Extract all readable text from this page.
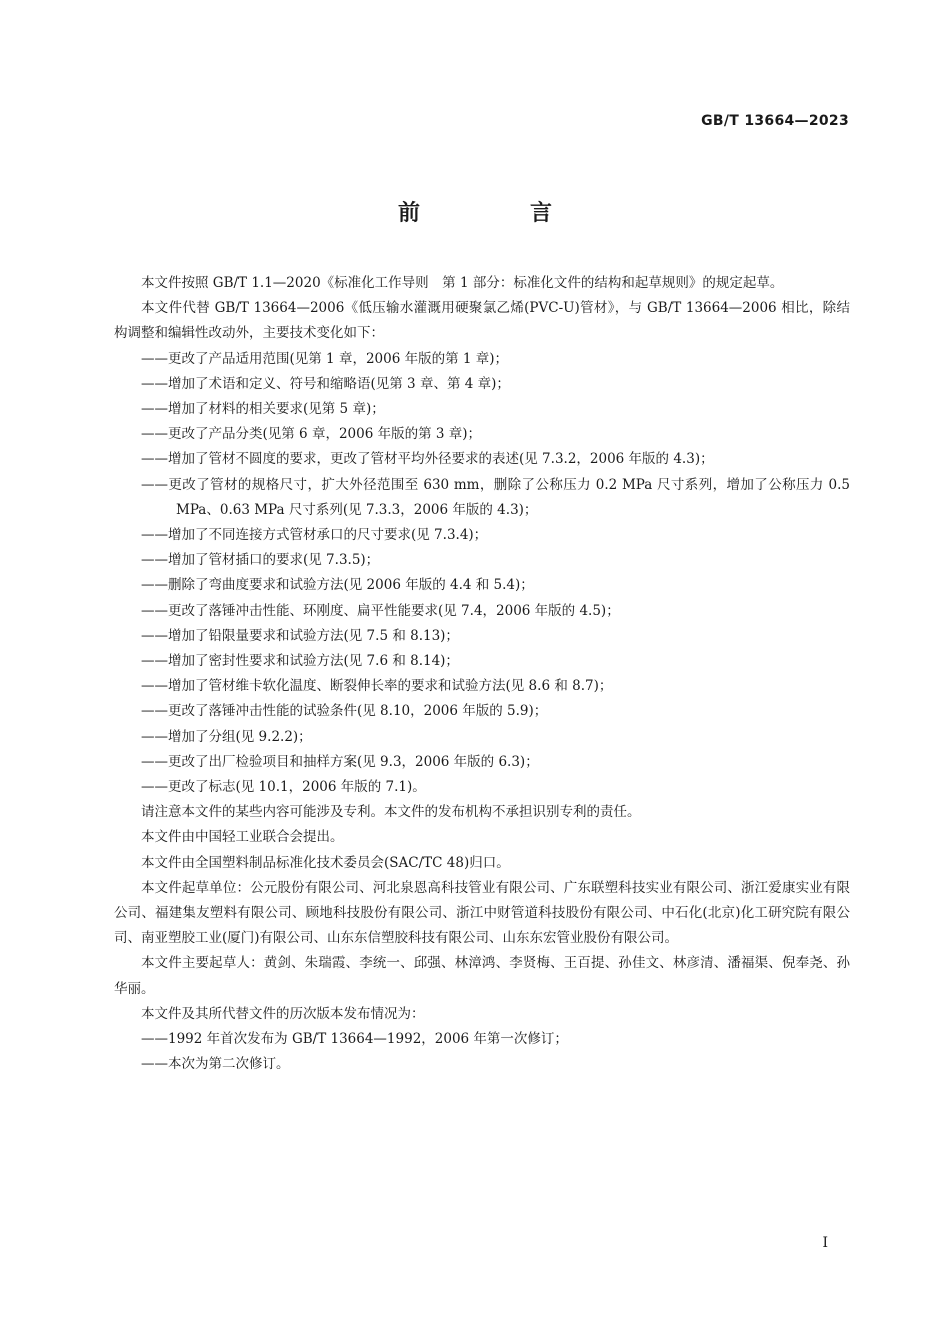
GB/T 13664—2023
前　言

本文件按照 GB/T 1.1—2020《标准化工作导则　第 1 部分：标准化文件的结构和起草规则》的规定起草。

本文件代替 GB/T 13664—2006《低压输水灌溉用硬聚氯乙烯(PVC-U)管材》，与 GB/T 13664—2006 相比，除结构调整和编辑性改动外，主要技术变化如下：

——更改了产品适用范围(见第 1 章，2006 年版的第 1 章)；

——增加了术语和定义、符号和缩略语(见第 3 章、第 4 章)；

——增加了材料的相关要求(见第 5 章)；

——更改了产品分类(见第 6 章，2006 年版的第 3 章)；

——增加了管材不圆度的要求，更改了管材平均外径要求的表述(见 7.3.2，2006 年版的 4.3)；

——更改了管材的规格尺寸，扩大外径范围至 630 mm，删除了公称压力 0.2 MPa 尺寸系列，增加了公称压力 0.5 MPa、0.63 MPa 尺寸系列(见 7.3.3，2006 年版的 4.3)；

——增加了不同连接方式管材承口的尺寸要求(见 7.3.4)；

——增加了管材插口的要求(见 7.3.5)；

——删除了弯曲度要求和试验方法(见 2006 年版的 4.4 和 5.4)；

——更改了落锤冲击性能、环刚度、扁平性能要求(见 7.4，2006 年版的 4.5)；

——增加了铅限量要求和试验方法(见 7.5 和 8.13)；

——增加了密封性要求和试验方法(见 7.6 和 8.14)；

——增加了管材维卡软化温度、断裂伸长率的要求和试验方法(见 8.6 和 8.7)；

——更改了落锤冲击性能的试验条件(见 8.10，2006 年版的 5.9)；

——增加了分组(见 9.2.2)；

——更改了出厂检验项目和抽样方案(见 9.3，2006 年版的 6.3)；

——更改了标志(见 10.1，2006 年版的 7.1)。

请注意本文件的某些内容可能涉及专利。本文件的发布机构不承担识别专利的责任。

本文件由中国轻工业联合会提出。

本文件由全国塑料制品标准化技术委员会(SAC/TC 48)归口。

本文件起草单位：公元股份有限公司、河北泉恩高科技管业有限公司、广东联塑科技实业有限公司、浙江爱康实业有限公司、福建集友塑料有限公司、顾地科技股份有限公司、浙江中财管道科技股份有限公司、中石化(北京)化工研究院有限公司、南亚塑胶工业(厦门)有限公司、山东东信塑胶科技有限公司、山东东宏管业股份有限公司。

本文件主要起草人：黄剑、朱瑞霞、李统一、邱强、林漳鸿、李贤梅、王百提、孙佳文、林彦清、潘福渠、倪奉尧、孙华丽。

本文件及其所代替文件的历次版本发布情况为：

——1992 年首次发布为 GB/T 13664—1992，2006 年第一次修订；

——本次为第二次修订。

I
